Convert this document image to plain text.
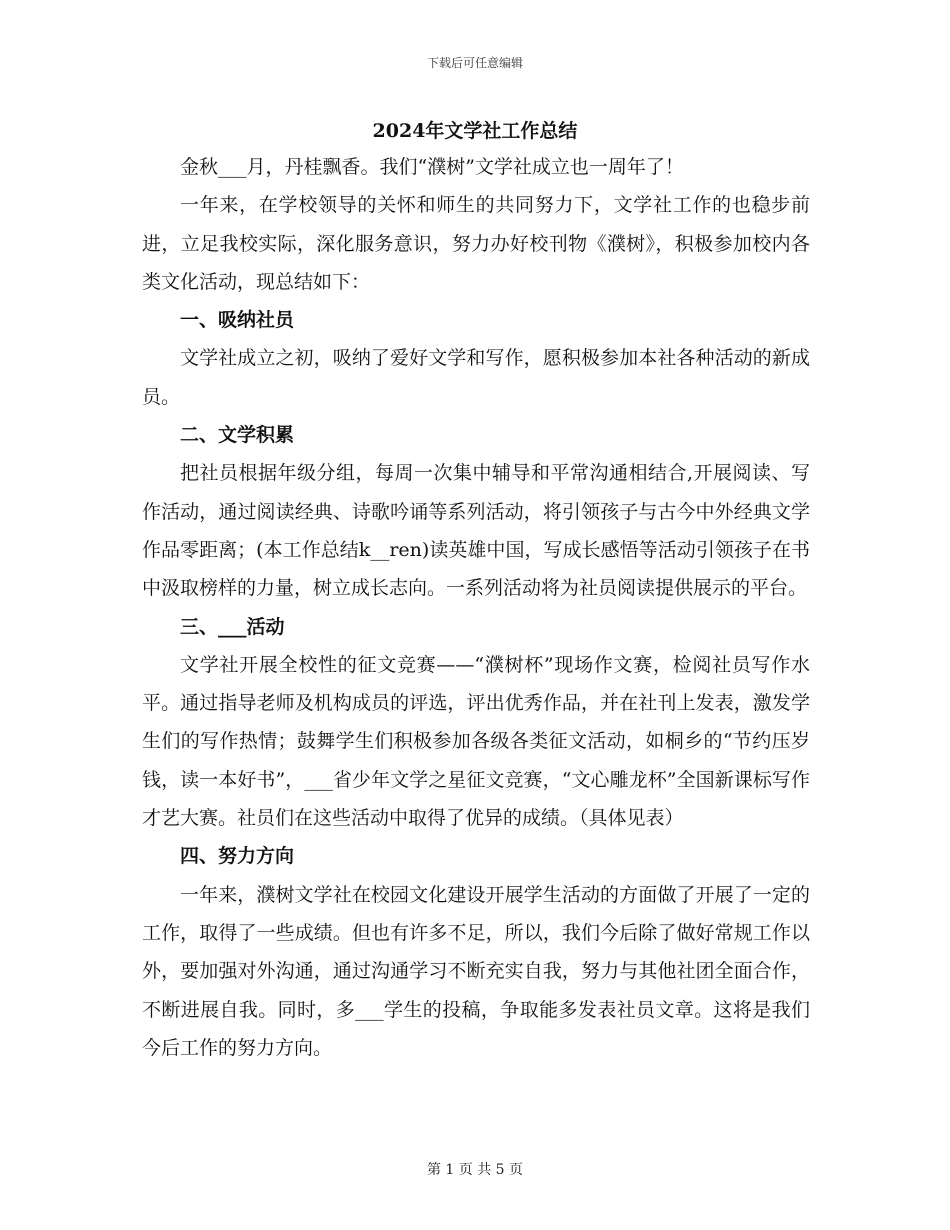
下载后可任意编辑
2024年文学社工作总结

金秋___月，丹桂飘香。我们“濮树”文学社成立也一周年了！

一年来，在学校领导的关怀和师生的共同努力下，文学社工作的也稳步前进，立足我校实际，深化服务意识，努力办好校刊物《濮树》，积极参加校内各类文化活动，现总结如下：

一、吸纳社员

文学社成立之初，吸纳了爱好文学和写作，愿积极参加本社各种活动的新成员。

二、文学积累

把社员根据年级分组，每周一次集中辅导和平常沟通相结合,开展阅读、写作活动，通过阅读经典、诗歌吟诵等系列活动，将引领孩子与古今中外经典文学作品零距离；(本工作总结k__ren)读英雄中国，写成长感悟等活动引领孩子在书中汲取榜样的力量，树立成长志向。一系列活动将为社员阅读提供展示的平台。

三、___活动

文学社开展全校性的征文竞赛——“濮树杯”现场作文赛，检阅社员写作水平。通过指导老师及机构成员的评选，评出优秀作品，并在社刊上发表，激发学生们的写作热情；鼓舞学生们积极参加各级各类征文活动，如桐乡的“节约压岁钱，读一本好书”，___省少年文学之星征文竞赛，“文心雕龙杯”全国新课标写作才艺大赛。社员们在这些活动中取得了优异的成绩。（具体见表）

四、努力方向

一年来，濮树文学社在校园文化建设开展学生活动的方面做了开展了一定的工作，取得了一些成绩。但也有许多不足，所以，我们今后除了做好常规工作以外，要加强对外沟通，通过沟通学习不断充实自我，努力与其他社团全面合作，不断进展自我。同时，多___学生的投稿，争取能多发表社员文章。这将是我们今后工作的努力方向。

第 1 页 共 5 页
